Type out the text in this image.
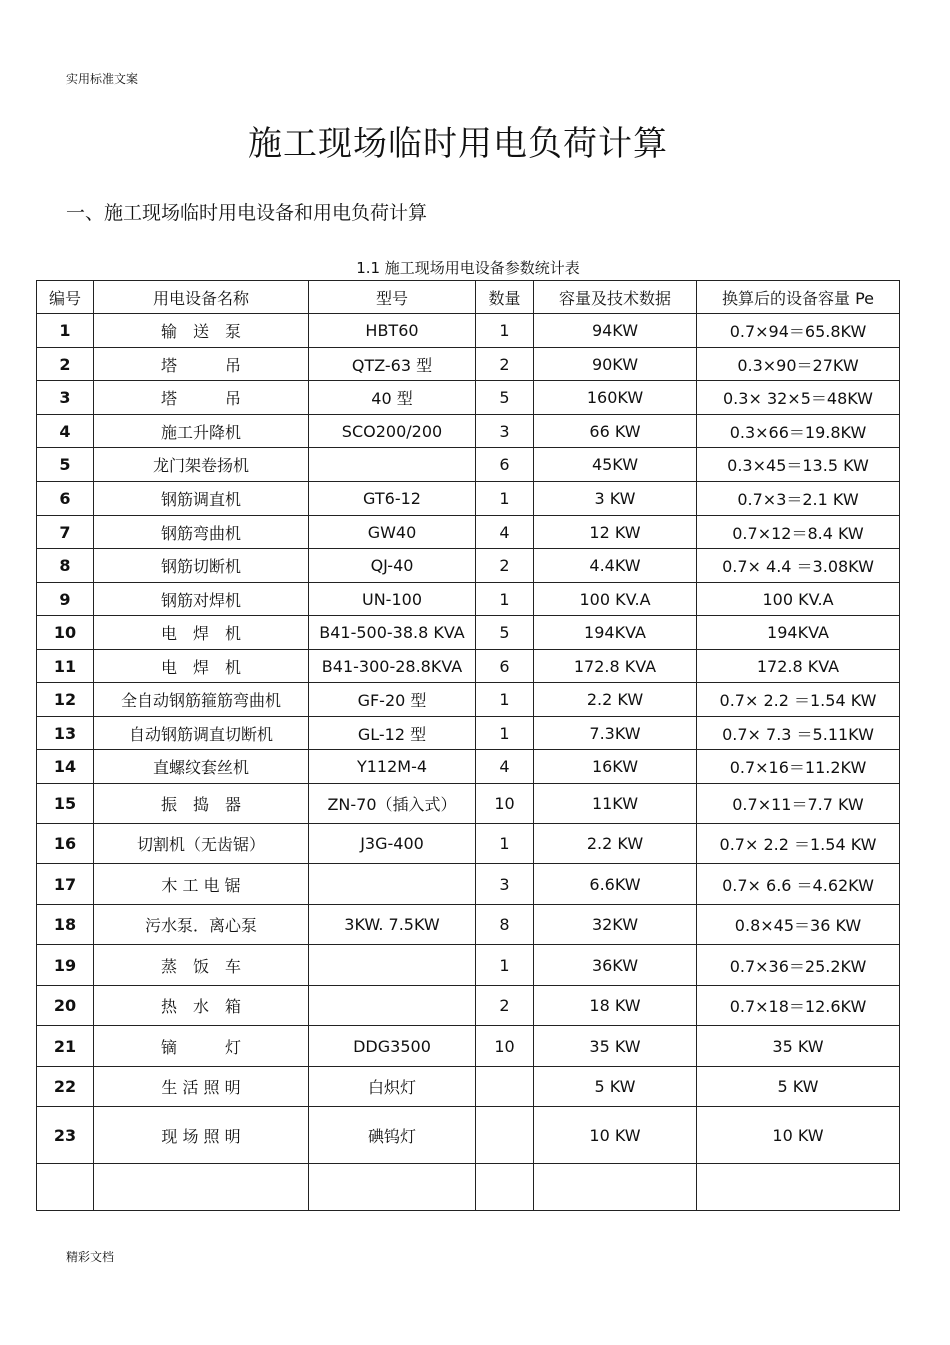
实用标准文案
施工现场临时用电负荷计算
一、施工现场临时用电设备和用电负荷计算
1.1 施工现场用电设备参数统计表
编号	用电设备名称	型号	数量	容量及技术数据	换算后的设备容量 Pe
1	输　送　泵	HBT60	1	94KW	0.7×94＝65.8KW
2	塔　　　吊	QTZ-63 型	2	90KW	0.3×90＝27KW
3	塔　　　吊	40 型	5	160KW	0.3× 32×5＝48KW
4	施工升降机	SCO200/200	3	66 KW	0.3×66＝19.8KW
5	龙门架卷扬机		6	45KW	0.3×45＝13.5 KW
6	钢筋调直机	GT6-12	1	3 KW	0.7×3＝2.1 KW
7	钢筋弯曲机	GW40	4	12 KW	0.7×12＝8.4 KW
8	钢筋切断机	QJ-40	2	4.4KW	0.7× 4.4 ＝3.08KW
9	钢筋对焊机	UN-100	1	100 KV.A	100 KV.A
10	电　焊　机	B41-500-38.8 KVA	5	194KVA	194KVA
11	电　焊　机	B41-300-28.8KVA	6	172.8 KVA	172.8 KVA
12	全自动钢筋箍筋弯曲机	GF-20 型	1	2.2 KW	0.7× 2.2 ＝1.54 KW
13	自动钢筋调直切断机	GL-12 型	1	7.3KW	0.7× 7.3 ＝5.11KW
14	直螺纹套丝机	Y112M-4	4	16KW	0.7×16＝11.2KW
15	振　捣　器	ZN-70（插入式）	10	11KW	0.7×11＝7.7 KW
16	切割机（无齿锯）	J3G-400	1	2.2 KW	0.7× 2.2 ＝1.54 KW
17	木 工 电 锯		3	6.6KW	0.7× 6.6 ＝4.62KW
18	污水泵．离心泵	3KW. 7.5KW	8	32KW	0.8×45＝36 KW
19	蒸　饭　车		1	36KW	0.7×36＝25.2KW
20	热　水　箱		2	18 KW	0.7×18＝12.6KW
21	镝　　　灯	DDG3500	10	35 KW	35 KW
22	生 活 照 明	白炽灯		5 KW	5 KW
23	现 场 照 明	碘钨灯		10 KW	10 KW

精彩文档
